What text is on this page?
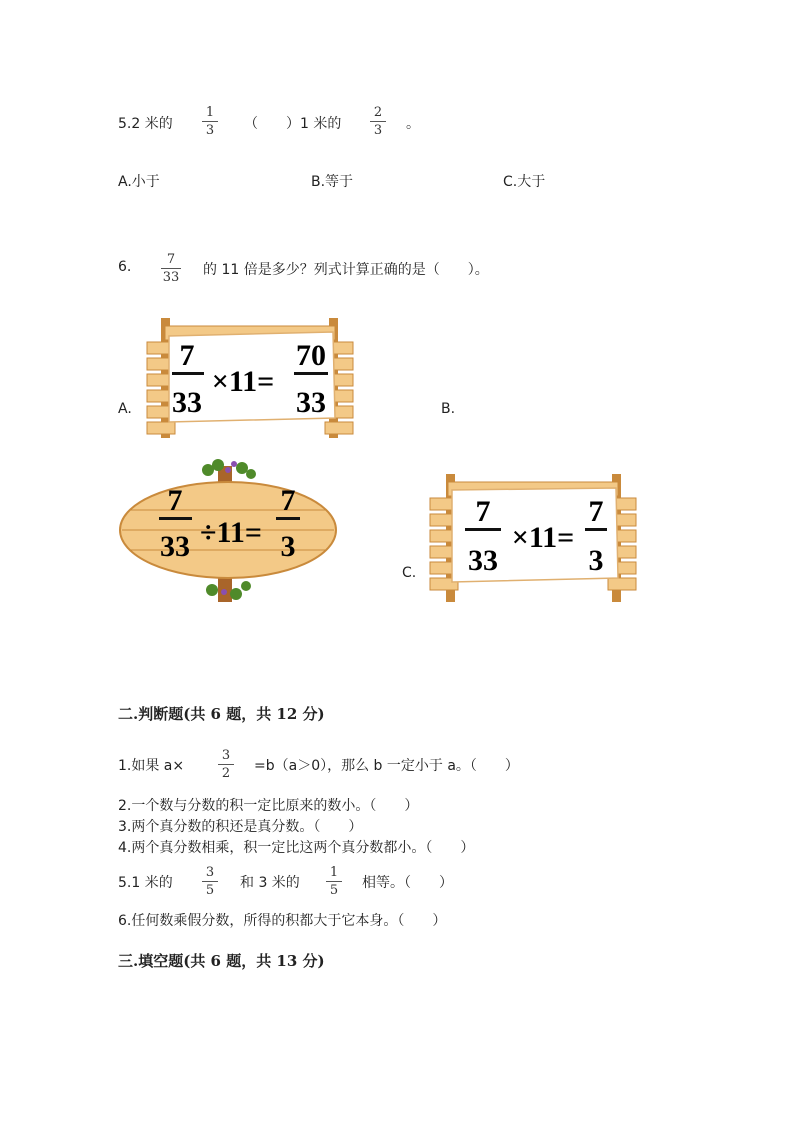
5.2 米的
1
3	（　　）1 米的
2
3	。
A.小于	B.等于	C.大于
6.	7
33	的 11 倍是多少？列式计算正确的是（　　）。
A.
7
33
×11=
70
33	B.
7
33 ÷11=
7
3
C.
7
33
×11=
7
3
二.判断题(共 6 题，共 12 分)
1.如果 a×
3
2	=b（a＞0），那么 b 一定小于 a。（　　）
2.一个数与分数的积一定比原来的数小。（　　）
3.两个真分数的积还是真分数。（　　）
4.两个真分数相乘，积一定比这两个真分数都小。（　　）
5.1 米的
3
5	和 3 米的
1
5	相等。（　　）
6.任何数乘假分数，所得的积都大于它本身。（　　）
三.填空题(共 6 题，共 13 分)
